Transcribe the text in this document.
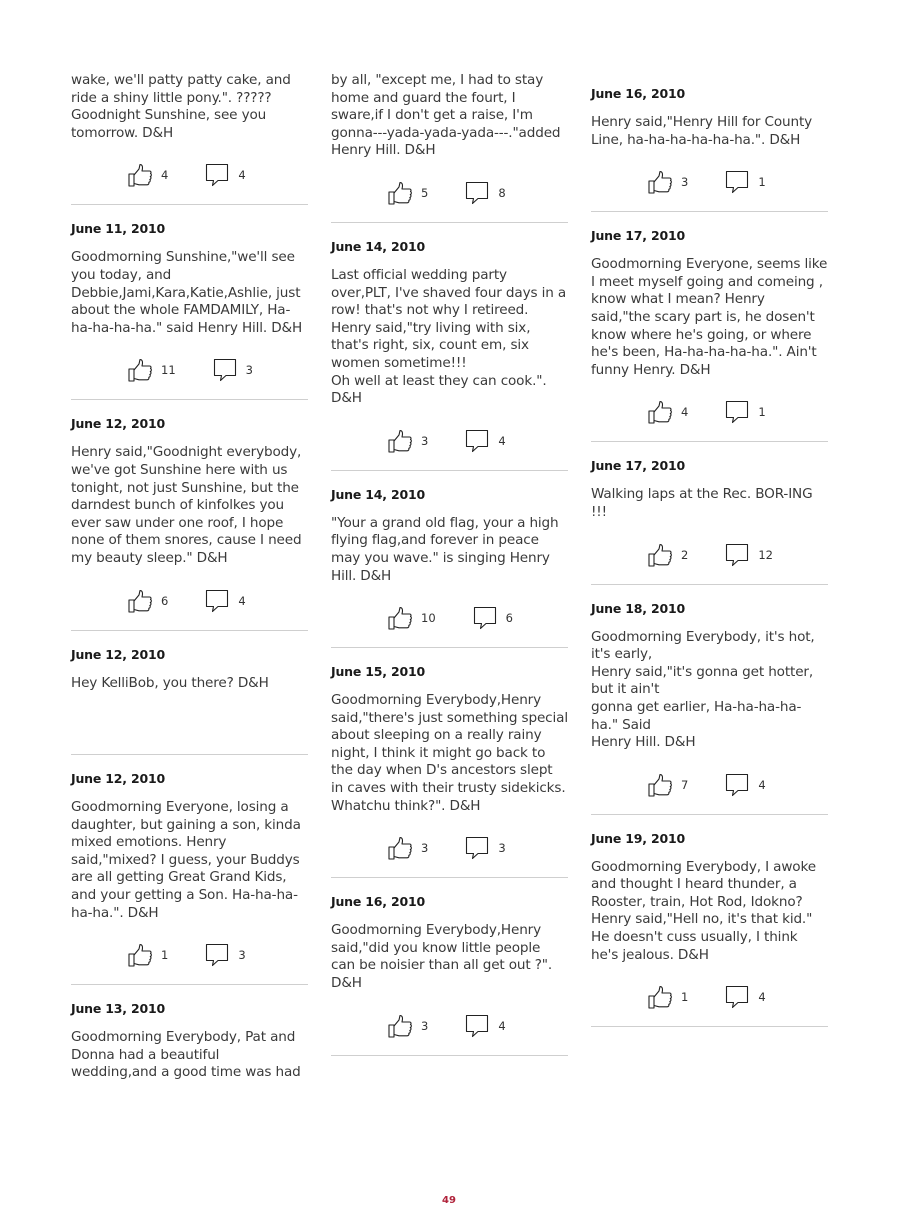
wake, we'll patty patty cake, and ride a shiny little pony.". ????? Goodnight Sunshine, see you tomorrow. D&H
4	4
June 11, 2010
Goodmorning Sunshine,"we'll see you today, and Debbie,Jami,Kara,Katie,Ashlie, just about the whole FAMDAMILY, Ha-ha-ha-ha-ha." said Henry Hill. D&H
11	3
June 12, 2010
Henry said,"Goodnight everybody, we've got Sunshine here with us tonight, not just Sunshine, but the darndest bunch of kinfolkes you ever saw under one roof, I hope none of them snores, cause I need my beauty sleep." D&H
6	4
June 12, 2010
Hey KelliBob, you there? D&H
June 12, 2010
Goodmorning Everyone, losing a daughter, but gaining a son, kinda mixed emotions. Henry said,"mixed? I guess, your Buddys are all getting Great Grand Kids, and your getting a Son. Ha-ha-ha-ha-ha.". D&H
1	3
June 13, 2010
Goodmorning Everybody, Pat and Donna had a beautiful wedding,and a good time was had
by all, "except me, I had to stay home and guard the fourt, I sware,if I don't get a raise, I'm gonna---yada-yada-yada---."added Henry Hill. D&H
5	8
June 14, 2010
Last official wedding party over,PLT, I've shaved four days in a row! that's not why I retireed. Henry said,"try living with six, that's right, six, count em, six women sometime!!!
Oh well at least they can cook.". D&H
3	4
June 14, 2010
"Your a grand old flag, your a high flying flag,and forever in peace may you wave." is singing Henry Hill. D&H
10	6
June 15, 2010
Goodmorning Everybody,Henry said,"there's just something special about sleeping on a really rainy night, I think it might go back to the day when D's ancestors slept in caves with their trusty sidekicks. Whatchu think?". D&H
3	3
June 16, 2010
Goodmorning Everybody,Henry said,"did you know little people can be noisier than all get out ?". D&H
3	4
June 16, 2010
Henry said,"Henry Hill for County Line, ha-ha-ha-ha-ha-ha.". D&H
3	1
June 17, 2010
Goodmorning Everyone, seems like I meet myself going and comeing , know what I mean? Henry said,"the scary part is, he dosen't know where he's going, or where he's been, Ha-ha-ha-ha-ha.". Ain't funny Henry. D&H
4	1
June 17, 2010
Walking laps at the Rec. BOR-ING !!!
2	12
June 18, 2010
Goodmorning Everybody, it's hot, it's early,
Henry said,"it's gonna get hotter, but it ain't
gonna get earlier, Ha-ha-ha-ha-ha." Said
Henry Hill. D&H
7	4
June 19, 2010
Goodmorning Everybody, I awoke and thought I heard thunder, a Rooster, train, Hot Rod, Idokno? Henry said,"Hell no, it's that kid." He doesn't cuss usually, I think he's jealous. D&H
1	4
49
